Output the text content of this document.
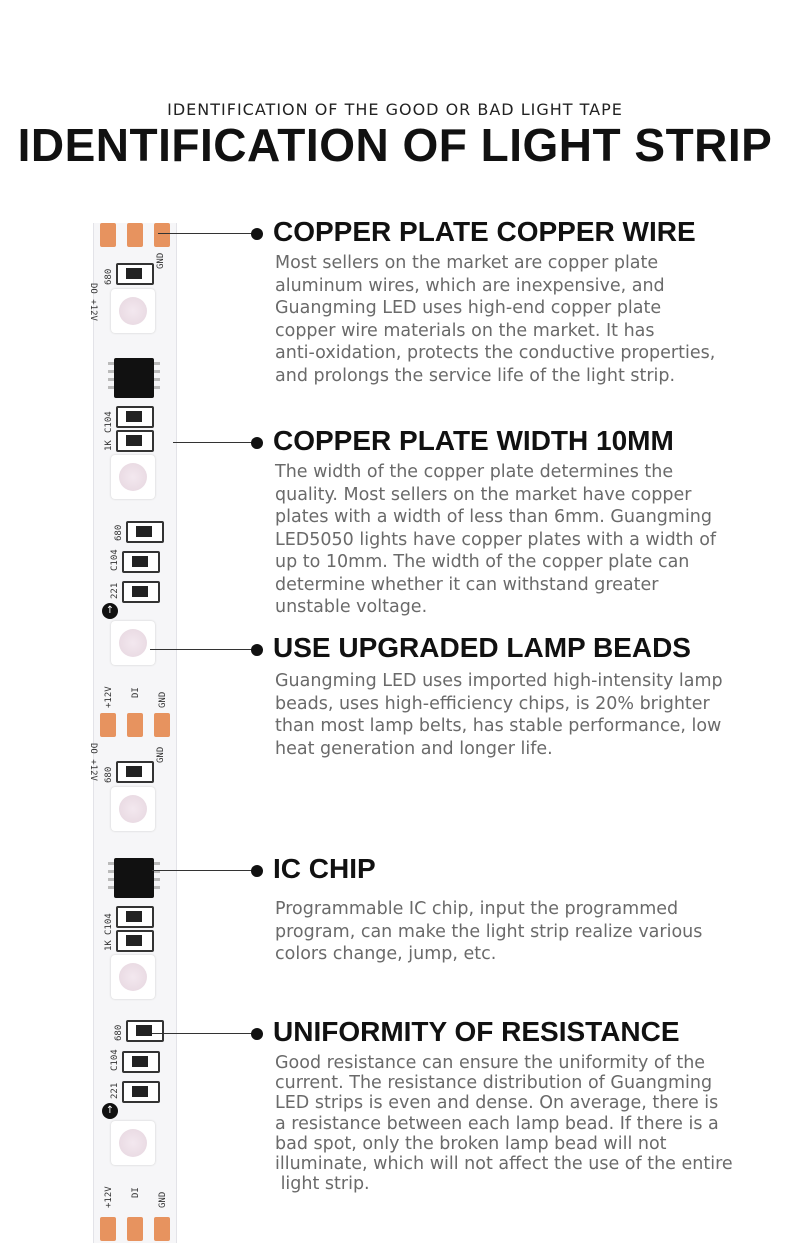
IDENTIFICATION OF THE GOOD OR BAD LIGHT TAPE
IDENTIFICATION OF LIGHT STRIP
DO +12V
GND
680
C104
1K
680
C104
221
↑
+12V DI GND
DO +12V	GND
680
C104
1K
680
C104
221
↑
+12V DI GND
COPPER PLATE COPPER WIRE
Most sellers on the market are copper plate
aluminum wires, which are inexpensive, and
Guangming LED uses high-end copper plate
copper wire materials on the market. It has
anti-oxidation, protects the conductive properties,
and prolongs the service life of the light strip.
COPPER PLATE WIDTH 10MM
The width of the copper plate determines the
quality. Most sellers on the market have copper
plates with a width of less than 6mm. Guangming
LED5050 lights have copper plates with a width of
up to 10mm. The width of the copper plate can
determine whether it can withstand greater
unstable voltage.
USE UPGRADED LAMP BEADS
Guangming LED uses imported high-intensity lamp
beads, uses high-efficiency chips, is 20% brighter
than most lamp belts, has stable performance, low
heat generation and longer life.
IC CHIP
Programmable IC chip, input the programmed
program, can make the light strip realize various
colors change, jump, etc.
UNIFORMITY OF RESISTANCE
Good resistance can ensure the uniformity of the
current. The resistance distribution of Guangming
LED strips is even and dense. On average, there is
a resistance between each lamp bead. If there is a
bad spot, only the broken lamp bead will not
illuminate, which will not affect the use of the entire
light strip.
